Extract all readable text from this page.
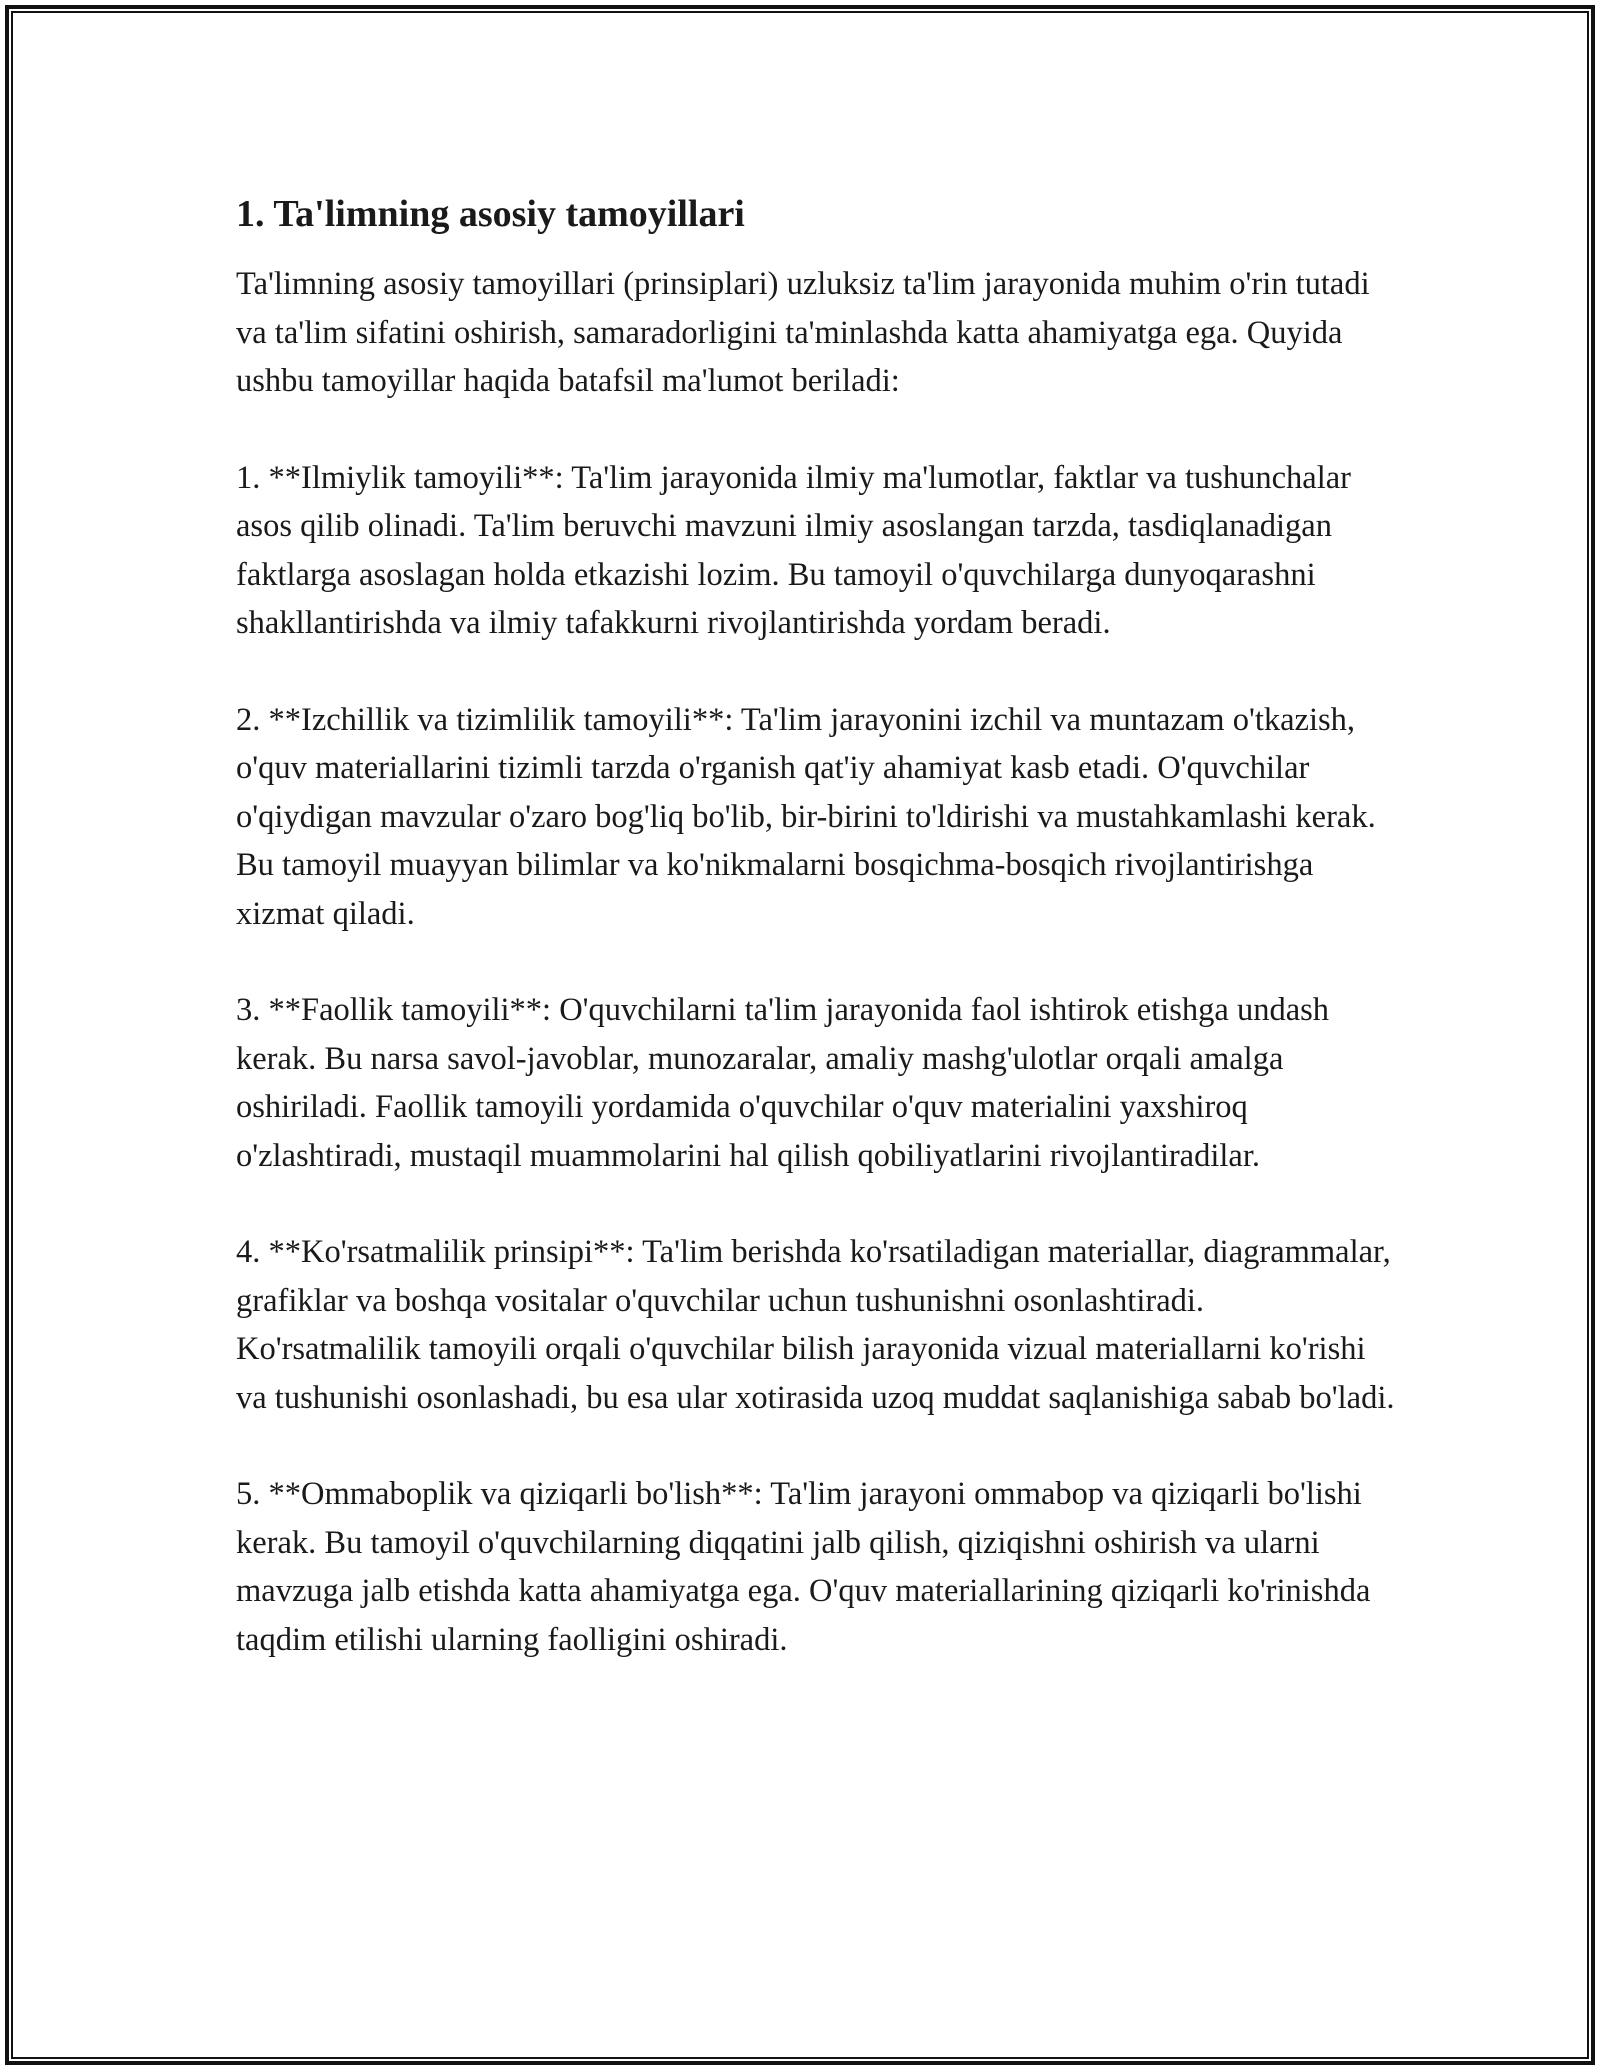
1. Ta'limning asosiy tamoyillari

Ta'limning asosiy tamoyillari (prinsiplari) uzluksiz ta'lim jarayonida muhim o'rin tutadi va ta'lim sifatini oshirish, samaradorligini ta'minlashda katta ahamiyatga ega. Quyida ushbu tamoyillar haqida batafsil ma'lumot beriladi:

1. **Ilmiylik tamoyili**: Ta'lim jarayonida ilmiy ma'lumotlar, faktlar va tushunchalar asos qilib olinadi. Ta'lim beruvchi mavzuni ilmiy asoslangan tarzda, tasdiqlanadigan faktlarga asoslagan holda etkazishi lozim. Bu tamoyil o'quvchilarga dunyoqarashni shakllantirishda va ilmiy tafakkurni rivojlantirishda yordam beradi.

2. **Izchillik va tizimlilik tamoyili**: Ta'lim jarayonini izchil va muntazam o'tkazish, o'quv materiallarini tizimli tarzda o'rganish qat'iy ahamiyat kasb etadi. O'quvchilar o'qiydigan mavzular o'zaro bog'liq bo'lib, bir-birini to'ldirishi va mustahkamlashi kerak. Bu tamoyil muayyan bilimlar va ko'nikmalarni bosqichma-bosqich rivojlantirishga xizmat qiladi.

3. **Faollik tamoyili**: O'quvchilarni ta'lim jarayonida faol ishtirok etishga undash kerak. Bu narsa savol-javoblar, munozaralar, amaliy mashg'ulotlar orqali amalga oshiriladi. Faollik tamoyili yordamida o'quvchilar o'quv materialini yaxshiroq o'zlashtiradi, mustaqil muammolarini hal qilish qobiliyatlarini rivojlantiradilar.

4. **Ko'rsatmalilik prinsipi**: Ta'lim berishda ko'rsatiladigan materiallar, diagrammalar, grafiklar va boshqa vositalar o'quvchilar uchun tushunishni osonlashtiradi. Ko'rsatmalilik tamoyili orqali o'quvchilar bilish jarayonida vizual materiallarni ko'rishi va tushunishi osonlashadi, bu esa ular xotirasida uzoq muddat saqlanishiga sabab bo'ladi.

5. **Ommaboplik va qiziqarli bo'lish**: Ta'lim jarayoni ommabop va qiziqarli bo'lishi kerak. Bu tamoyil o'quvchilarning diqqatini jalb qilish, qiziqishni oshirish va ularni mavzuga jalb etishda katta ahamiyatga ega. O'quv materiallarining qiziqarli ko'rinishda taqdim etilishi ularning faolligini oshiradi.
